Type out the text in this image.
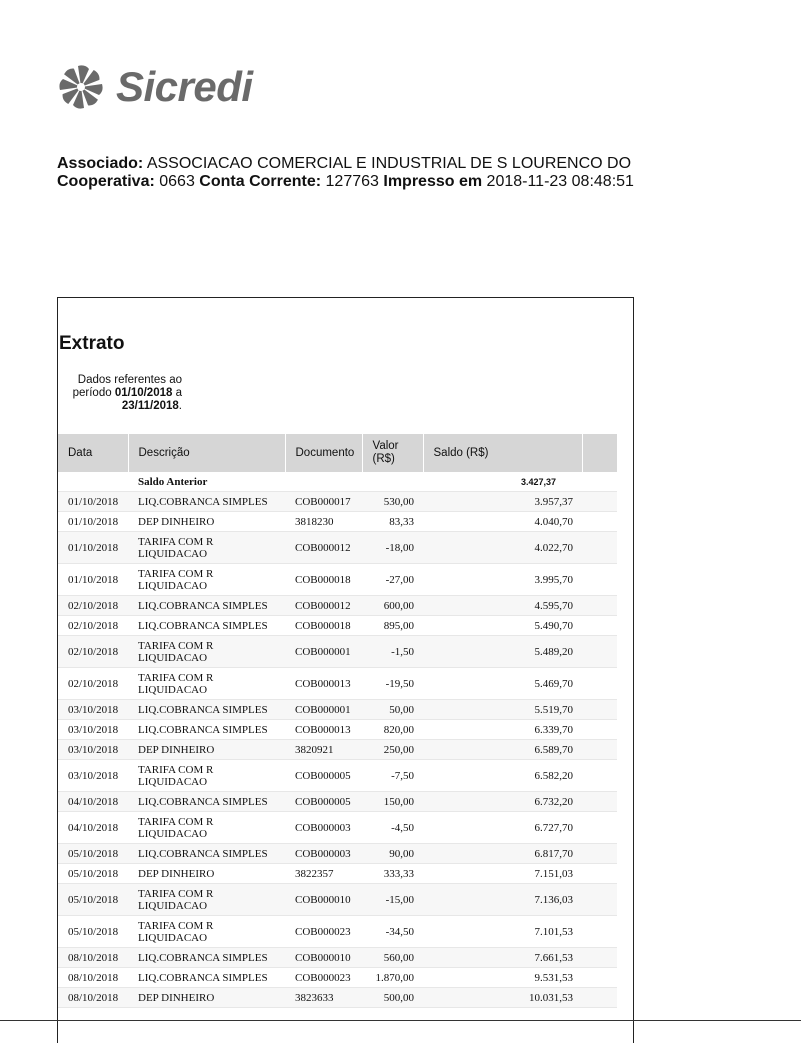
Sicredi
Associado: ASSOCIACAO COMERCIAL E INDUSTRIAL DE S LOURENCO DO
Cooperativa: 0663 Conta Corrente: 127763 Impresso em 2018-11-23 08:48:51
Extrato
Dados referentes ao período 01/10/2018 a 23/11/2018.
Data	Descrição	Documento	Valor (R$)	Saldo (R$)	
	Saldo Anterior			3.427,37	
01/10/2018	LIQ.COBRANCA SIMPLES	COB000017	530,00	3.957,37	
01/10/2018	DEP DINHEIRO	3818230	83,33	4.040,70	
01/10/2018	TARIFA COM R LIQUIDACAO	COB000012	-18,00	4.022,70	
01/10/2018	TARIFA COM R LIQUIDACAO	COB000018	-27,00	3.995,70	
02/10/2018	LIQ.COBRANCA SIMPLES	COB000012	600,00	4.595,70	
02/10/2018	LIQ.COBRANCA SIMPLES	COB000018	895,00	5.490,70	
02/10/2018	TARIFA COM R LIQUIDACAO	COB000001	-1,50	5.489,20	
02/10/2018	TARIFA COM R LIQUIDACAO	COB000013	-19,50	5.469,70	
03/10/2018	LIQ.COBRANCA SIMPLES	COB000001	50,00	5.519,70	
03/10/2018	LIQ.COBRANCA SIMPLES	COB000013	820,00	6.339,70	
03/10/2018	DEP DINHEIRO	3820921	250,00	6.589,70	
03/10/2018	TARIFA COM R LIQUIDACAO	COB000005	-7,50	6.582,20	
04/10/2018	LIQ.COBRANCA SIMPLES	COB000005	150,00	6.732,20	
04/10/2018	TARIFA COM R LIQUIDACAO	COB000003	-4,50	6.727,70	
05/10/2018	LIQ.COBRANCA SIMPLES	COB000003	90,00	6.817,70	
05/10/2018	DEP DINHEIRO	3822357	333,33	7.151,03	
05/10/2018	TARIFA COM R LIQUIDACAO	COB000010	-15,00	7.136,03	
05/10/2018	TARIFA COM R LIQUIDACAO	COB000023	-34,50	7.101,53	
08/10/2018	LIQ.COBRANCA SIMPLES	COB000010	560,00	7.661,53	
08/10/2018	LIQ.COBRANCA SIMPLES	COB000023	1.870,00	9.531,53	
08/10/2018	DEP DINHEIRO	3823633	500,00	10.031,53	
